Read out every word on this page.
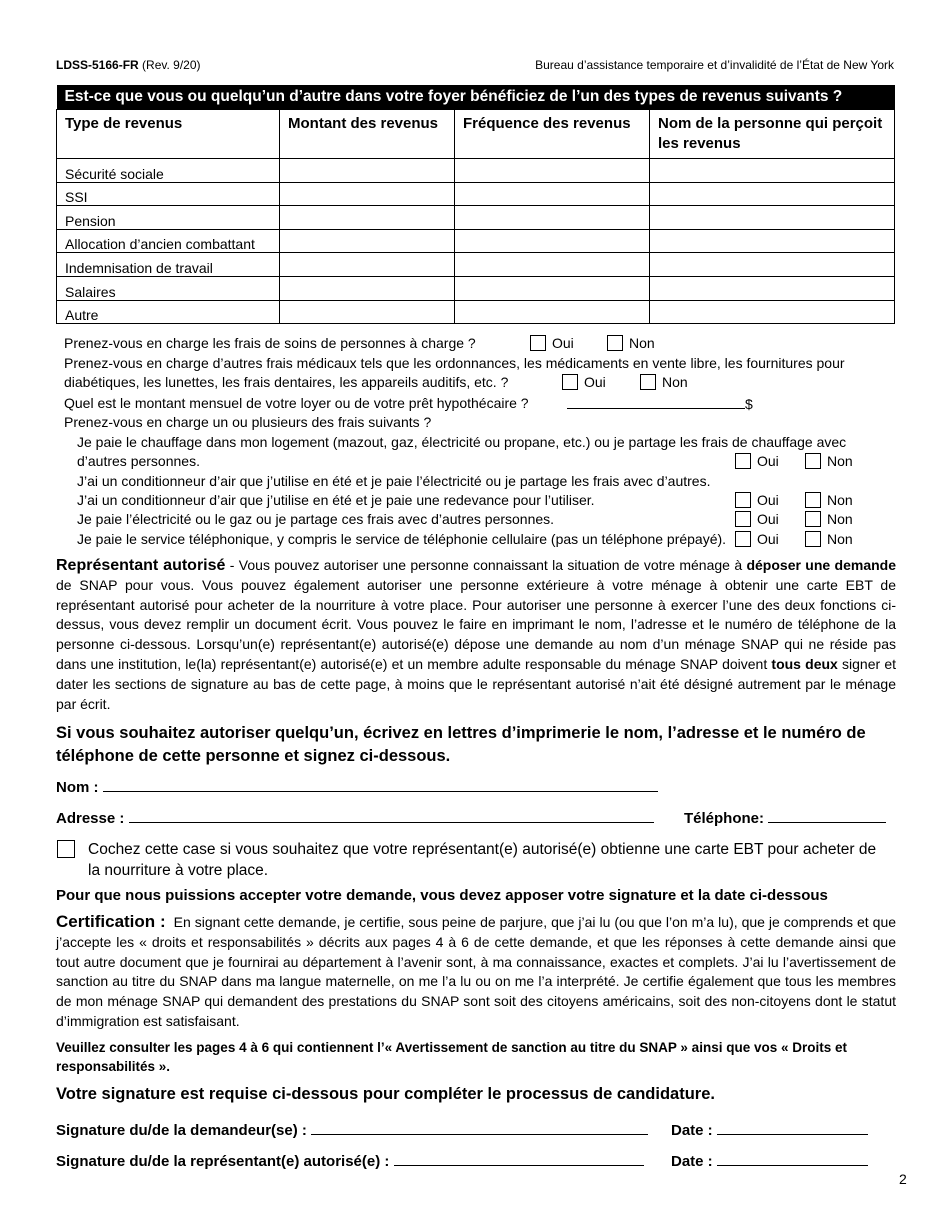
LDSS-5166-FR (Rev. 9/20)	Bureau d’assistance temporaire et d’invalidité de l’État de New York
Est-ce que vous ou quelqu’un d’autre dans votre foyer bénéficiez de l’un des types de revenus suivants ?			
Type de revenus	Montant des revenus	Fréquence des revenus	Nom de la personne qui perçoit les revenus
Sécurité sociale			
SSI			
Pension			
Allocation d’ancien combattant			
Indemnisation de travail			
Salaires			
Autre			
Prenez-vous en charge les frais de soins de personnes à charge ?	Oui	Non
Prenez-vous en charge d’autres frais médicaux tels que les ordonnances, les médicaments en vente libre, les fournitures pour
diabétiques, les lunettes, les frais dentaires, les appareils auditifs, etc. ?	Oui	Non
Quel est le montant mensuel de votre loyer ou de votre prêt hypothécaire ?	$
Prenez-vous en charge un ou plusieurs des frais suivants ?
Je paie le chauffage dans mon logement (mazout, gaz, électricité ou propane, etc.) ou je partage les frais de chauffage avec
d’autres personnes.	Oui	Non
J’ai un conditionneur d’air que j’utilise en été et je paie l’électricité ou je partage les frais avec d’autres.
J’ai un conditionneur d’air que j’utilise en été et je paie une redevance pour l’utiliser.	Oui	Non
Je paie l’électricité ou le gaz ou je partage ces frais avec d’autres personnes.	Oui	Non
Je paie le service téléphonique, y compris le service de téléphonie cellulaire (pas un téléphone prépayé).	Oui	Non
Représentant autorisé - Vous pouvez autoriser une personne connaissant la situation de votre ménage à déposer une demande de SNAP pour vous. Vous pouvez également autoriser une personne extérieure à votre ménage à obtenir une carte EBT de représentant autorisé pour acheter de la nourriture à votre place. Pour autoriser une personne à exercer l’une des deux fonctions ci-dessus, vous devez remplir un document écrit. Vous pouvez le faire en imprimant le nom, l’adresse et le numéro de téléphone de la personne ci-dessous. Lorsqu’un(e) représentant(e) autorisé(e) dépose une demande au nom d’un ménage SNAP qui ne réside pas dans une institution, le(la) représentant(e) autorisé(e) et un membre adulte responsable du ménage SNAP doivent tous deux signer et dater les sections de signature au bas de cette page, à moins que le représentant autorisé n’ait été désigné autrement par le ménage par écrit.
Si vous souhaitez autoriser quelqu’un, écrivez en lettres d’imprimerie le nom, l’adresse et le numéro de téléphone de cette personne et signez ci-dessous.
Nom :
Adresse :	Téléphone:
Cochez cette case si vous souhaitez que votre représentant(e) autorisé(e) obtienne une carte EBT pour acheter de la nourriture à votre place.
Pour que nous puissions accepter votre demande, vous devez apposer votre signature et la date ci-dessous
Certification : En signant cette demande, je certifie, sous peine de parjure, que j’ai lu (ou que l’on m’a lu), que je comprends et que j’accepte les « droits et responsabilités » décrits aux pages 4 à 6 de cette demande, et que les réponses à cette demande ainsi que tout autre document que je fournirai au département à l’avenir sont, à ma connaissance, exactes et complets. J’ai lu l’avertissement de sanction au titre du SNAP dans ma langue maternelle, on me l’a lu ou on me l’a interprété. Je certifie également que tous les membres de mon ménage SNAP qui demandent des prestations du SNAP sont soit des citoyens américains, soit des non-citoyens dont le statut d’immigration est satisfaisant.
Veuillez consulter les pages 4 à 6 qui contiennent l’« Avertissement de sanction au titre du SNAP » ainsi que vos « Droits et responsabilités ».
Votre signature est requise ci-dessous pour compléter le processus de candidature.
Signature du/de la demandeur(se) :	Date :
Signature du/de la représentant(e) autorisé(e) :	Date :
2
